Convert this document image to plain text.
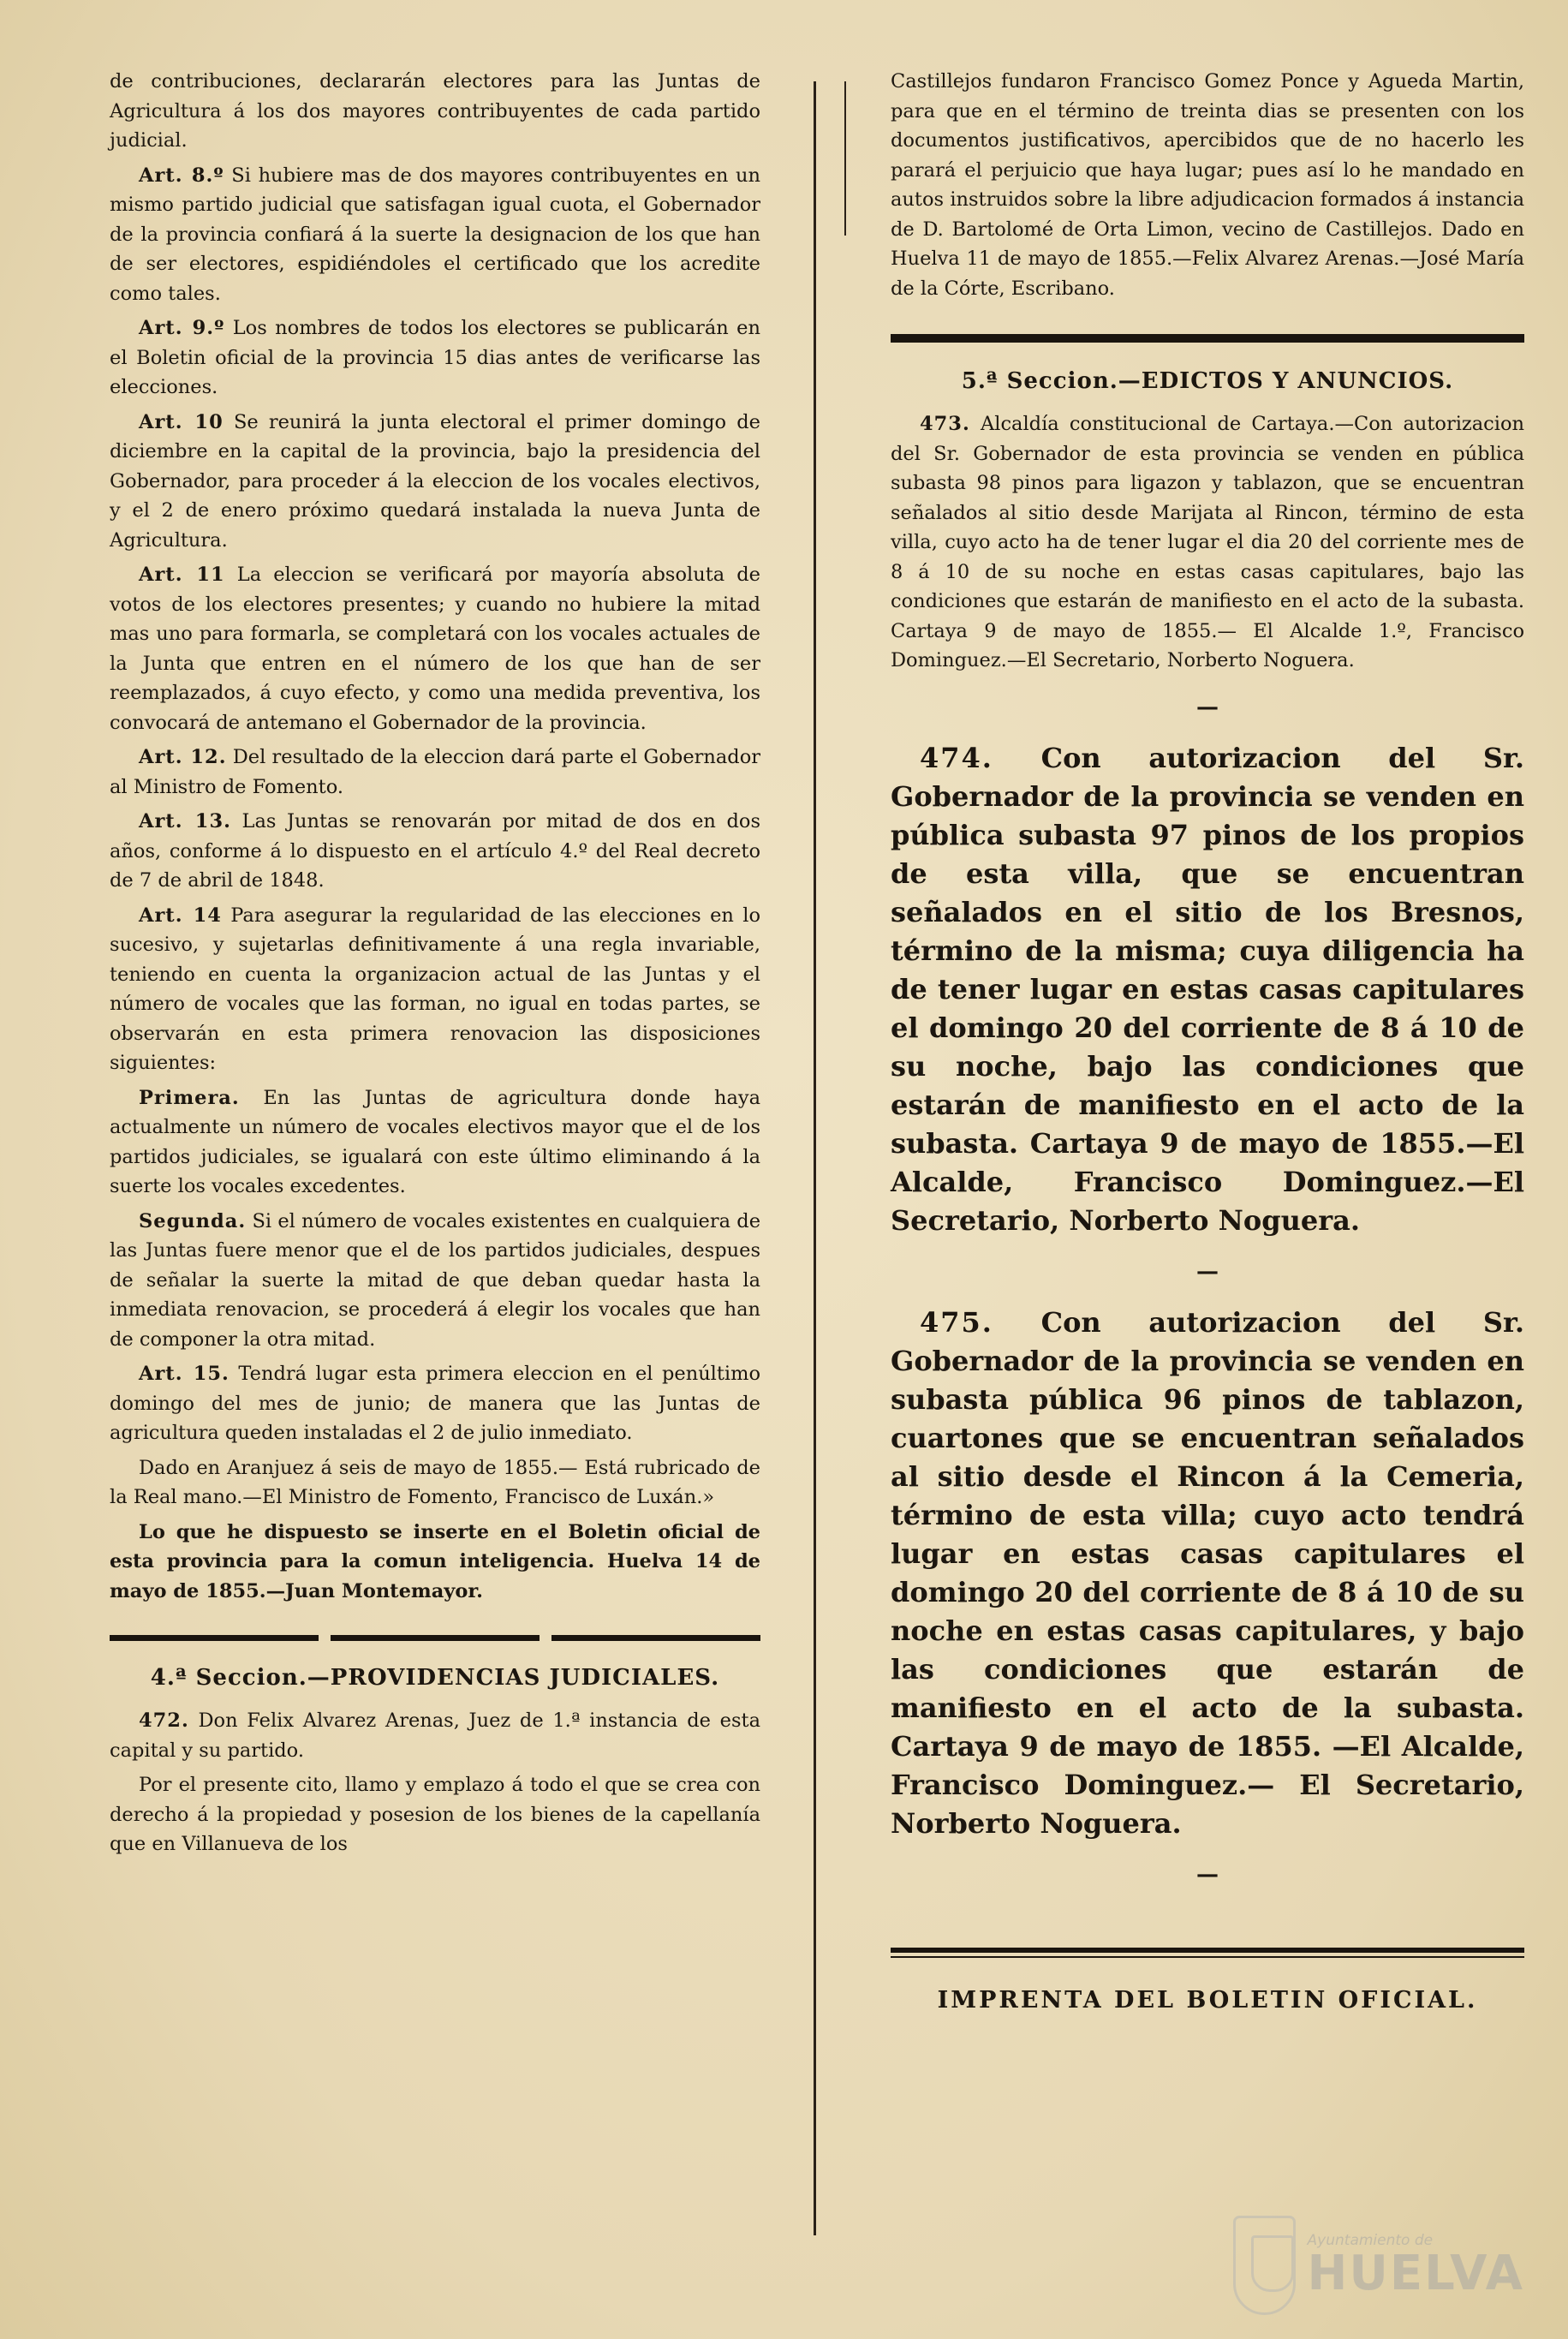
de contribuciones, declararán electores para las Juntas de Agricultura á los dos mayores contribuyentes de cada partido judicial.

Art. 8.º Si hubiere mas de dos mayores contribuyentes en un mismo partido judicial que satisfagan igual cuota, el Gobernador de la provincia confiará á la suerte la designacion de los que han de ser electores, espidiéndoles el certificado que los acredite como tales.

Art. 9.º Los nombres de todos los electores se publicarán en el Boletin oficial de la provincia 15 dias antes de verificarse las elecciones.

Art. 10 Se reunirá la junta electoral el primer domingo de diciembre en la capital de la provincia, bajo la presidencia del Gobernador, para proceder á la eleccion de los vocales electivos, y el 2 de enero próximo quedará instalada la nueva Junta de Agricultura.

Art. 11 La eleccion se verificará por mayoría absoluta de votos de los electores presentes; y cuando no hubiere la mitad mas uno para formarla, se completará con los vocales actuales de la Junta que entren en el número de los que han de ser reemplazados, á cuyo efecto, y como una medida preventiva, los convocará de antemano el Gobernador de la provincia.

Art. 12. Del resultado de la eleccion dará parte el Gobernador al Ministro de Fomento.

Art. 13. Las Juntas se renovarán por mitad de dos en dos años, conforme á lo dispuesto en el artículo 4.º del Real decreto de 7 de abril de 1848.

Art. 14 Para asegurar la regularidad de las elecciones en lo sucesivo, y sujetarlas definitivamente á una regla invariable, teniendo en cuenta la organizacion actual de las Juntas y el número de vocales que las forman, no igual en todas partes, se observarán en esta primera renovacion las disposiciones siguientes:

Primera. En las Juntas de agricultura donde haya actualmente un número de vocales electivos mayor que el de los partidos judiciales, se igualará con este último eliminando á la suerte los vocales excedentes.

Segunda. Si el número de vocales existentes en cualquiera de las Juntas fuere menor que el de los partidos judiciales, despues de señalar la suerte la mitad de que deban quedar hasta la inmediata renovacion, se procederá á elegir los vocales que han de componer la otra mitad.

Art. 15. Tendrá lugar esta primera eleccion en el penúltimo domingo del mes de junio; de manera que las Juntas de agricultura queden instaladas el 2 de julio inmediato.

Dado en Aranjuez á seis de mayo de 1855.— Está rubricado de la Real mano.—El Ministro de Fomento, Francisco de Luxán.»

Lo que he dispuesto se inserte en el Boletin oficial de esta provincia para la comun inteligencia. Huelva 14 de mayo de 1855.—Juan Montemayor.

4.ª Seccion.—PROVIDENCIAS JUDICIALES.

472. Don Felix Alvarez Arenas, Juez de 1.ª instancia de esta capital y su partido.

Por el presente cito, llamo y emplazo á todo el que se crea con derecho á la propiedad y posesion de los bienes de la capellanía que en Villanueva de los

Castillejos fundaron Francisco Gomez Ponce y Agueda Martin, para que en el término de treinta dias se presenten con los documentos justificativos, apercibidos que de no hacerlo les parará el perjuicio que haya lugar; pues así lo he mandado en autos instruidos sobre la libre adjudicacion formados á instancia de D. Bartolomé de Orta Limon, vecino de Castillejos. Dado en Huelva 11 de mayo de 1855.—Felix Alvarez Arenas.—José María de la Córte, Escribano.

5.ª Seccion.—EDICTOS Y ANUNCIOS.

473. Alcaldía constitucional de Cartaya.—Con autorizacion del Sr. Gobernador de esta provincia se venden en pública subasta 98 pinos para ligazon y tablazon, que se encuentran señalados al sitio desde Marijata al Rincon, término de esta villa, cuyo acto ha de tener lugar el dia 20 del corriente mes de 8 á 10 de su noche en estas casas capitulares, bajo las condiciones que estarán de manifiesto en el acto de la subasta. Cartaya 9 de mayo de 1855.— El Alcalde 1.º, Francisco Dominguez.—El Secretario, Norberto Noguera.

—

474. Con autorizacion del Sr. Gobernador de la provincia se venden en pública subasta 97 pinos de los propios de esta villa, que se encuentran señalados en el sitio de los Bresnos, término de la misma; cuya diligencia ha de tener lugar en estas casas capitulares el domingo 20 del corriente de 8 á 10 de su noche, bajo las condiciones que estarán de manifiesto en el acto de la subasta. Cartaya 9 de mayo de 1855.—El Alcalde, Francisco Dominguez.—El Secretario, Norberto Noguera.

—

475. Con autorizacion del Sr. Gobernador de la provincia se venden en subasta pública 96 pinos de tablazon, cuartones que se encuentran señalados al sitio desde el Rincon á la Cemeria, término de esta villa; cuyo acto tendrá lugar en estas casas capitulares el domingo 20 del corriente de 8 á 10 de su noche en estas casas capitulares, y bajo las condiciones que estarán de manifiesto en el acto de la subasta. Cartaya 9 de mayo de 1855. —El Alcalde, Francisco Dominguez.— El Secretario, Norberto Noguera.

—
IMPRENTA DEL BOLETIN OFICIAL.
Ayuntamiento de
HUELVA
